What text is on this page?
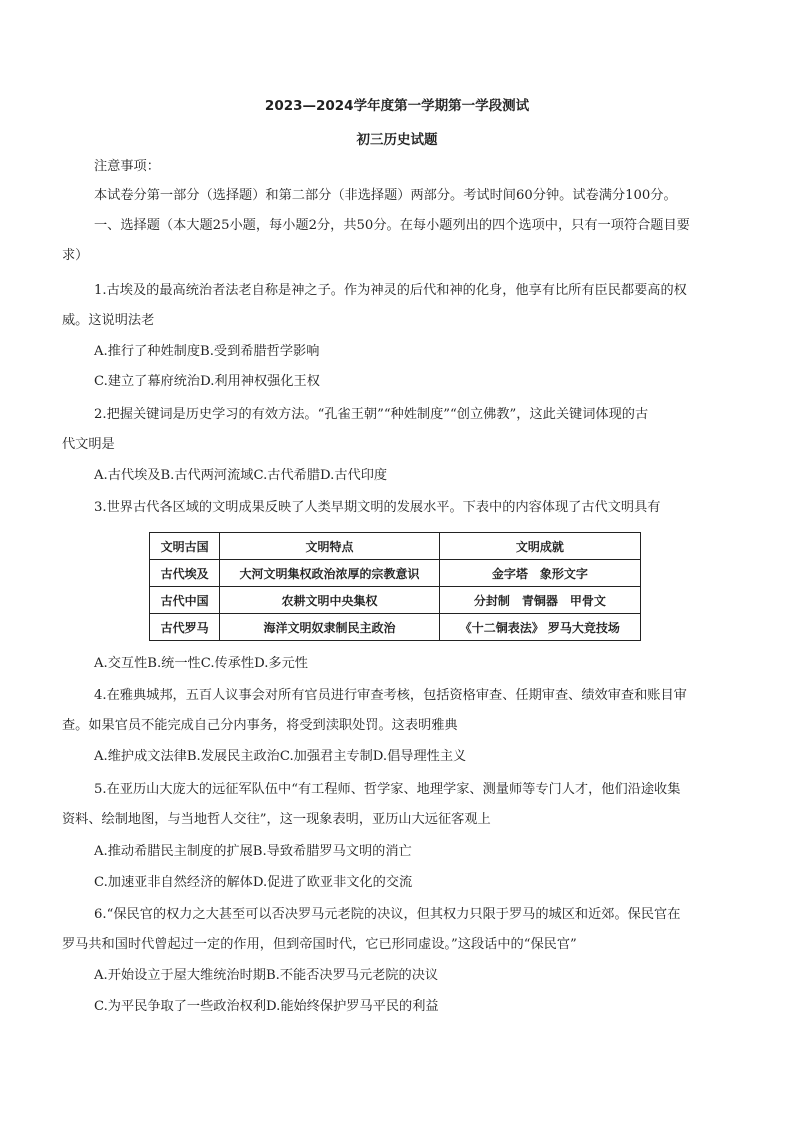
2023—2024学年度第一学期第一学段测试
初三历史试题
注意事项：
本试卷分第一部分（选择题）和第二部分（非选择题）两部分。考试时间60分钟。试卷满分100分。
一、选择题（本大题25小题，每小题2分，共50分。在每小题列出的四个选项中，只有一项符合题目要
求）
1.古埃及的最高统治者法老自称是神之子。作为神灵的后代和神的化身，他享有比所有臣民都要高的权
威。这说明法老
A.推行了种姓制度B.受到希腊哲学影响
C.建立了幕府统治D.利用神权强化王权
2.把握关键词是历史学习的有效方法。“孔雀王朝”“种姓制度”“创立佛教”，这此关键词体现的古
代文明是
A.古代埃及B.古代两河流域C.古代希腊D.古代印度
3.世界古代各区域的文明成果反映了人类早期文明的发展水平。下表中的内容体现了古代文明具有
文明古国	文明特点	文明成就
古代埃及	大河文明集权政治浓厚的宗教意识	金字塔　象形文字
古代中国	农耕文明中央集权	分封制　青铜器　甲骨文
古代罗马	海洋文明奴隶制民主政治	《十二铜表法》 罗马大竞技场
A.交互性B.统一性C.传承性D.多元性
4.在雅典城邦，五百人议事会对所有官员进行审查考核，包括资格审查、任期审查、绩效审查和账目审
查。如果官员不能完成自己分内事务，将受到渎职处罚。这表明雅典
A.维护成文法律B.发展民主政治C.加强君主专制D.倡导理性主义
5.在亚历山大庞大的远征军队伍中“有工程师、哲学家、地理学家、测量师等专门人才，他们沿途收集
资料、绘制地图，与当地哲人交往”，这一现象表明，亚历山大远征客观上
A.推动希腊民主制度的扩展B.导致希腊罗马文明的消亡
C.加速亚非自然经济的解体D.促进了欧亚非文化的交流
6.“保民官的权力之大甚至可以否决罗马元老院的决议，但其权力只限于罗马的城区和近郊。保民官在
罗马共和国时代曾起过一定的作用，但到帝国时代，它已形同虚设。”这段话中的“保民官”
A.开始设立于屋大维统治时期B.不能否决罗马元老院的决议
C.为平民争取了一些政治权利D.能始终保护罗马平民的利益
